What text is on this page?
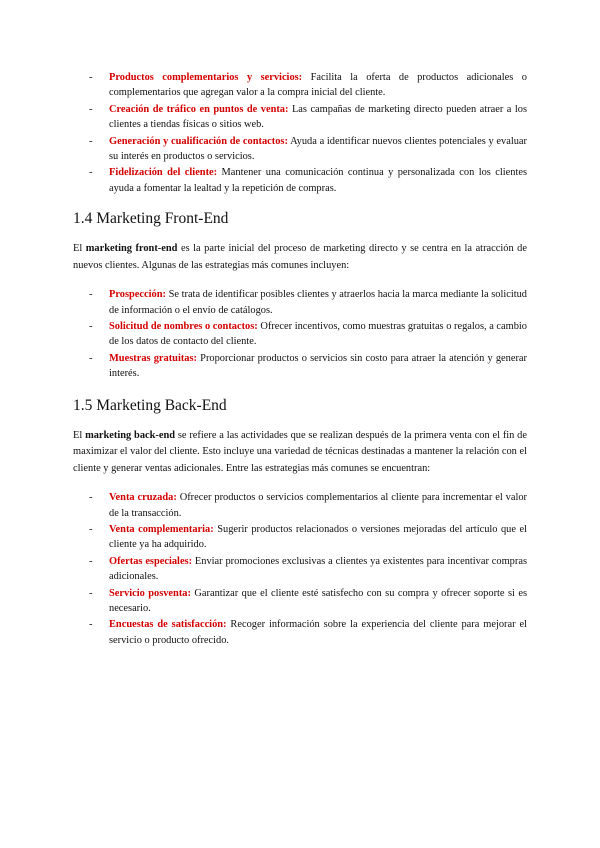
- Productos complementarios y servicios: Facilita la oferta de productos adicionales o complementarios que agregan valor a la compra inicial del cliente.
- Creación de tráfico en puntos de venta: Las campañas de marketing directo pueden atraer a los clientes a tiendas físicas o sitios web.
- Generación y cualificación de contactos: Ayuda a identificar nuevos clientes potenciales y evaluar su interés en productos o servicios.
- Fidelización del cliente: Mantener una comunicación continua y personalizada con los clientes ayuda a fomentar la lealtad y la repetición de compras.
1.4 Marketing Front-End

El marketing front-end es la parte inicial del proceso de marketing directo y se centra en la atracción de nuevos clientes. Algunas de las estrategias más comunes incluyen:

- Prospección: Se trata de identificar posibles clientes y atraerlos hacia la marca mediante la solicitud de información o el envío de catálogos.
- Solicitud de nombres o contactos: Ofrecer incentivos, como muestras gratuitas o regalos, a cambio de los datos de contacto del cliente.
- Muestras gratuitas: Proporcionar productos o servicios sin costo para atraer la atención y generar interés.
1.5 Marketing Back-End

El marketing back-end se refiere a las actividades que se realizan después de la primera venta con el fin de maximizar el valor del cliente. Esto incluye una variedad de técnicas destinadas a mantener la relación con el cliente y generar ventas adicionales. Entre las estrategias más comunes se encuentran:

- Venta cruzada: Ofrecer productos o servicios complementarios al cliente para incrementar el valor de la transacción.
- Venta complementaria: Sugerir productos relacionados o versiones mejoradas del artículo que el cliente ya ha adquirido.
- Ofertas especiales: Enviar promociones exclusivas a clientes ya existentes para incentivar compras adicionales.
- Servicio posventa: Garantizar que el cliente esté satisfecho con su compra y ofrecer soporte si es necesario.
- Encuestas de satisfacción: Recoger información sobre la experiencia del cliente para mejorar el servicio o producto ofrecido.
